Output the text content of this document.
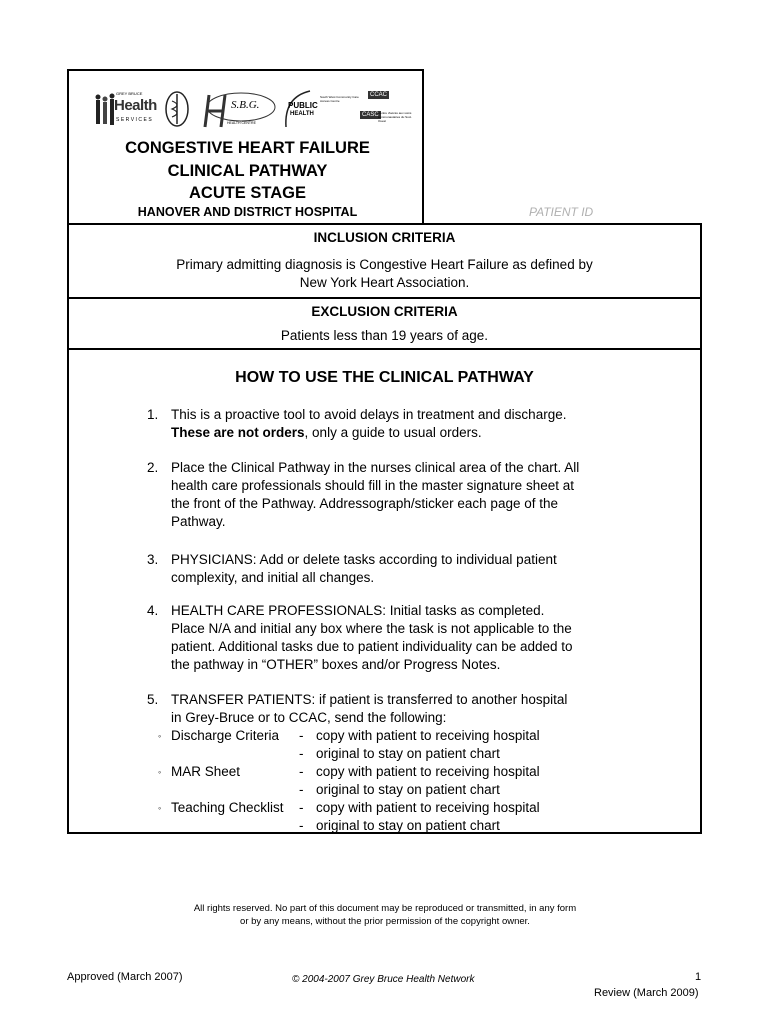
GREY BRUCE
Health
SERVICES
S.B.G.
HEALTH CENTRE
PUBLIC
HEALTH
South West Community Care Access Centre
CCAC
CASC Centre d'accès aux soins communautaires du Sud-Ouest
CONGESTIVE HEART FAILURE
CLINICAL PATHWAY
ACUTE STAGE
HANOVER AND DISTRICT HOSPITAL	PATIENT ID
INCLUSION CRITERIA
Primary admitting diagnosis is Congestive Heart Failure as defined by
New York Heart Association.
EXCLUSION CRITERIA
Patients less than 19 years of age.
HOW TO USE THE CLINICAL PATHWAY
1. This is a proactive tool to avoid delays in treatment and discharge.
These are not orders, only a guide to usual orders.
2. Place the Clinical Pathway in the nurses clinical area of the chart. All
health care professionals should fill in the master signature sheet at
the front of the Pathway. Addressograph/sticker each page of the
Pathway.
3. PHYSICIANS: Add or delete tasks according to individual patient
complexity, and initial all changes.
4. HEALTH CARE PROFESSIONALS: Initial tasks as completed.
Place N/A and initial any box where the task is not applicable to the
patient. Additional tasks due to patient individuality can be added to
the pathway in “OTHER” boxes and/or Progress Notes.
5. TRANSFER PATIENTS: if patient is transferred to another hospital
in Grey-Bruce or to CCAC, send the following:
◦ Discharge Criteria - copy with patient to receiving hospital
- original to stay on patient chart
◦ MAR Sheet	- copy with patient to receiving hospital
- original to stay on patient chart
◦ Teaching Checklist - copy with patient to receiving hospital
- original to stay on patient chart
All rights reserved. No part of this document may be reproduced or transmitted, in any form
or by any means, without the prior permission of the copyright owner.
Approved (March 2007)	© 2004-2007 Grey Bruce Health Network	1
Review (March 2009)
